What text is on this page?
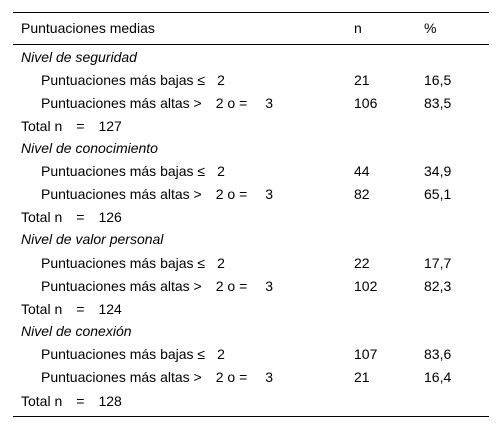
Puntuaciones medias	n	%
Nivel de seguridad
Puntuaciones más bajas ≤ 2	21	16,5
Puntuaciones más altas > 2 o = 3	106	83,5
Total n = 127
Nivel de conocimiento
Puntuaciones más bajas ≤ 2	44	34,9
Puntuaciones más altas > 2 o = 3	82	65,1
Total n = 126
Nivel de valor personal
Puntuaciones más bajas ≤ 2	22	17,7
Puntuaciones más altas > 2 o = 3	102	82,3
Total n = 124
Nivel de conexión
Puntuaciones más bajas ≤ 2	107	83,6
Puntuaciones más altas > 2 o = 3	21	16,4
Total n = 128
